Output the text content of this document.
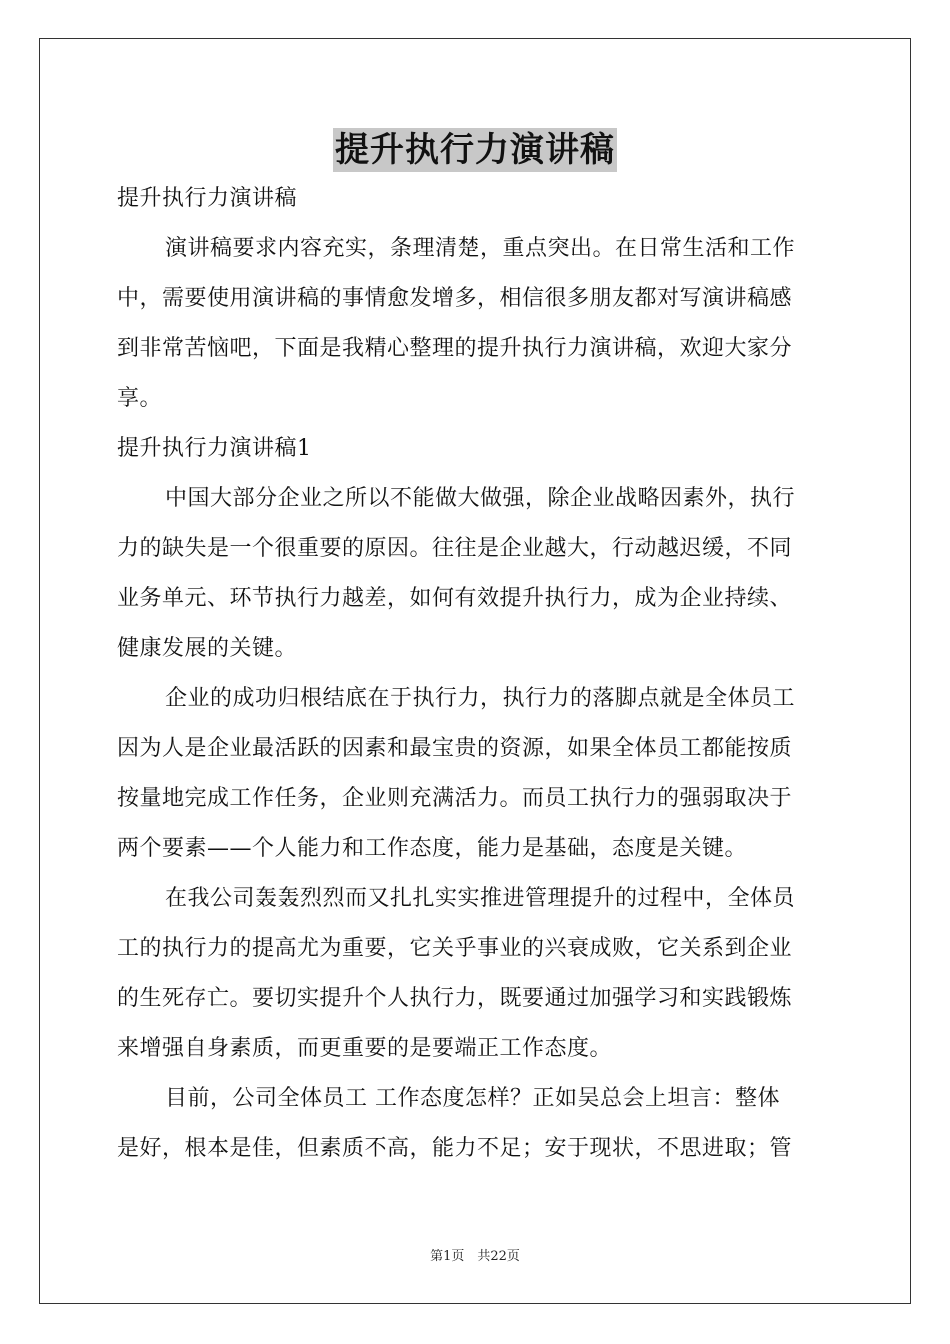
提升执行力演讲稿
提升执行力演讲稿
演讲稿要求内容充实，条理清楚，重点突出。在日常生活和工作
中，需要使用演讲稿的事情愈发增多，相信很多朋友都对写演讲稿感
到非常苦恼吧，下面是我精心整理的提升执行力演讲稿，欢迎大家分
享。
提升执行力演讲稿1
中国大部分企业之所以不能做大做强，除企业战略因素外，执行
力的缺失是一个很重要的原因。往往是企业越大，行动越迟缓，不同
业务单元、环节执行力越差，如何有效提升执行力，成为企业持续、
健康发展的关键。
企业的成功归根结底在于执行力，执行力的落脚点就是全体员工
因为人是企业最活跃的因素和最宝贵的资源，如果全体员工都能按质
按量地完成工作任务，企业则充满活力。而员工执行力的强弱取决于
两个要素——个人能力和工作态度，能力是基础，态度是关键。
在我公司轰轰烈烈而又扎扎实实推进管理提升的过程中，全体员
工的执行力的提高尤为重要，它关乎事业的兴衰成败，它关系到企业
的生死存亡。要切实提升个人执行力，既要通过加强学习和实践锻炼
来增强自身素质，而更重要的是要端正工作态度。
目前，公司全体员工 工作态度怎样？正如吴总会上坦言：整体
是好，根本是佳，但素质不高，能力不足；安于现状，不思进取；管
第1页　共22页
